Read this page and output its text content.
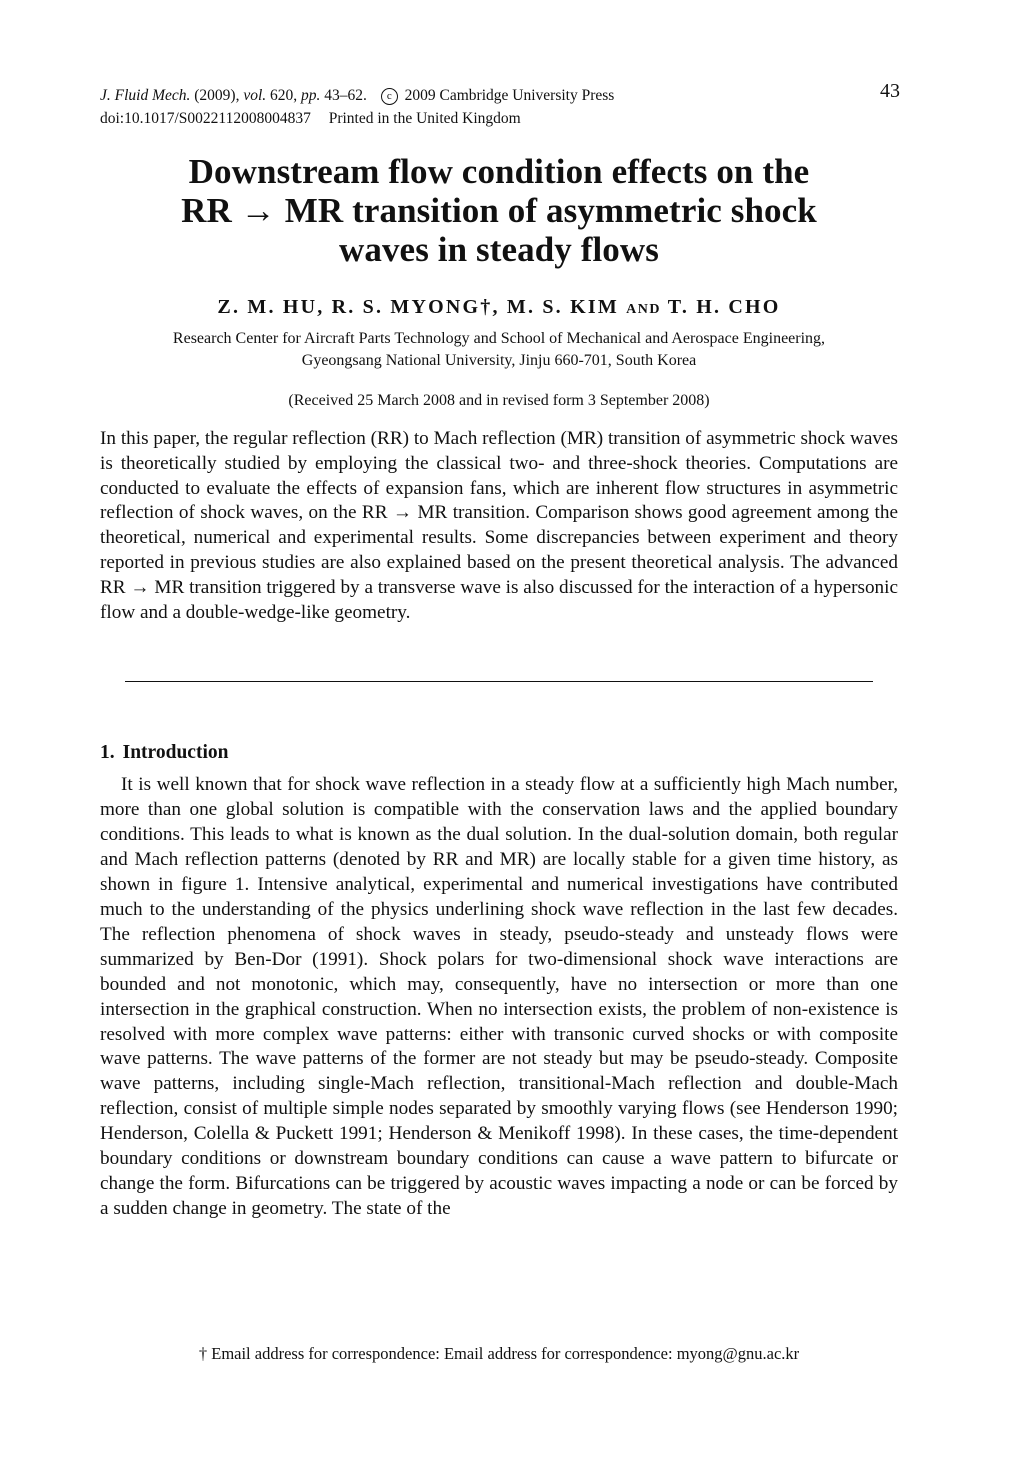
J. Fluid Mech. (2009), vol. 620, pp. 43–62. c 2009 Cambridge University Press
doi:10.1017/S0022112008004837 Printed in the United Kingdom
43
Downstream flow condition effects on the
RR → MR transition of asymmetric shock
waves in steady flows
Z. M. HU, R. S. MYONG†, M. S. KIM AND T. H. CHO
Research Center for Aircraft Parts Technology and School of Mechanical and Aerospace Engineering,
Gyeongsang National University, Jinju 660-701, South Korea
(Received 25 March 2008 and in revised form 3 September 2008)
In this paper, the regular reflection (RR) to Mach reflection (MR) transition of asymmetric shock waves is theoretically studied by employing the classical two- and three-shock theories. Computations are conducted to evaluate the effects of expansion fans, which are inherent flow structures in asymmetric reflection of shock waves, on the RR → MR transition. Comparison shows good agreement among the theoretical, numerical and experimental results. Some discrepancies between experiment and theory reported in previous studies are also explained based on the present theoretical analysis. The advanced RR → MR transition triggered by a transverse wave is also discussed for the interaction of a hypersonic flow and a double-wedge-like geometry.
1. Introduction
It is well known that for shock wave reflection in a steady flow at a sufficiently high Mach number, more than one global solution is compatible with the conservation laws and the applied boundary conditions. This leads to what is known as the dual solution. In the dual-solution domain, both regular and Mach reflection patterns (denoted by RR and MR) are locally stable for a given time history, as shown in figure 1. Intensive analytical, experimental and numerical investigations have contributed much to the understanding of the physics underlining shock wave reflection in the last few decades. The reflection phenomena of shock waves in steady, pseudo-steady and unsteady flows were summarized by Ben-Dor (1991). Shock polars for two-dimensional shock wave interactions are bounded and not monotonic, which may, consequently, have no intersection or more than one intersection in the graphical construction. When no intersection exists, the problem of non-existence is resolved with more complex wave patterns: either with transonic curved shocks or with composite wave patterns. The wave patterns of the former are not steady but may be pseudo-steady. Composite wave patterns, including single-Mach reflection, transitional-Mach reflection and double-Mach reflection, consist of multiple simple nodes separated by smoothly varying flows (see Henderson 1990; Henderson, Colella & Puckett 1991; Henderson & Menikoff 1998). In these cases, the time-dependent boundary conditions or downstream boundary conditions can cause a wave pattern to bifurcate or change the form. Bifurcations can be triggered by acoustic waves impacting a node or can be forced by a sudden change in geometry. The state of the
† Email address for correspondence: Email address for correspondence: myong@gnu.ac.kr
